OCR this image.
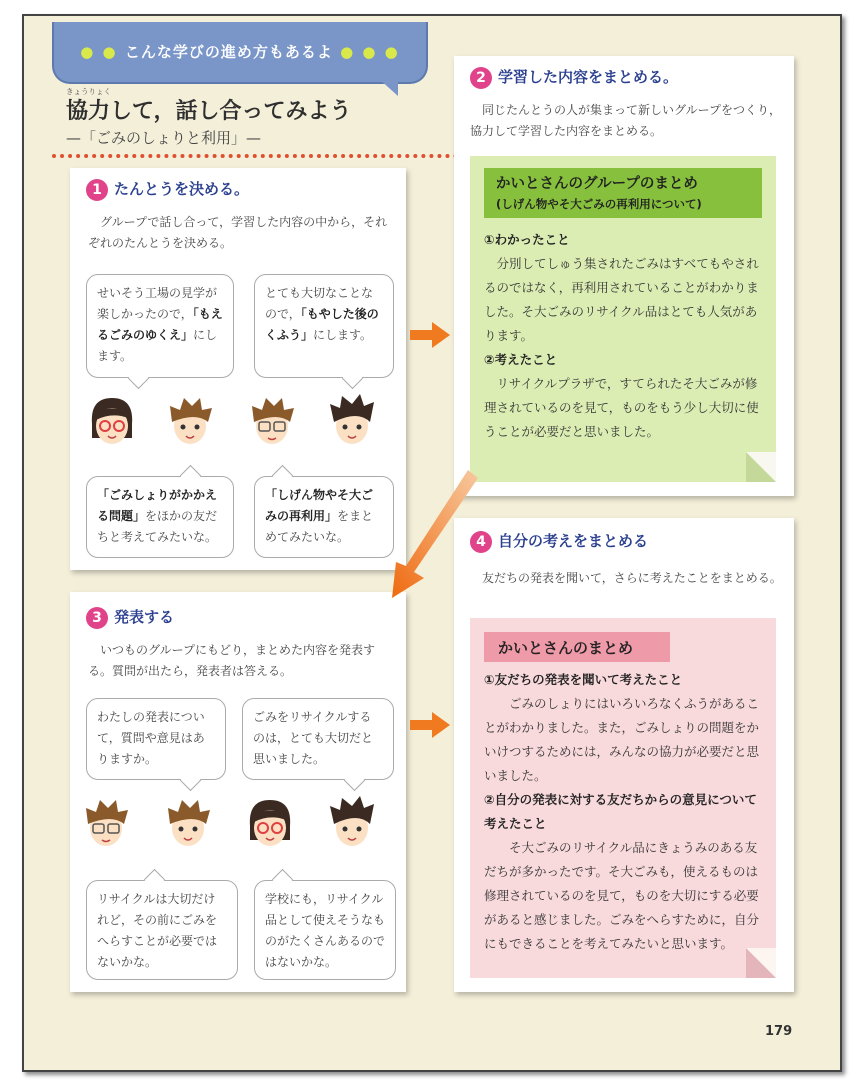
● ● こんな学びの進め方もあるよ ● ● ●
きょうりょく
協力して，話し合ってみよう
—「ごみのしょりと利用」—
1 たんとうを決める。
グループで話し合って，学習した内容の中から，それぞれのたんとうを決める。
せいそう工場の見学が楽しかったので，「もえるごみのゆくえ」にします。
とても大切なことなので，「もやした後のくふう」にします。
「ごみしょりがかかえる問題」をほかの友だちと考えてみたいな。
「しげん物やそ大ごみの再利用」をまとめてみたいな。
2 学習した内容をまとめる。
同じたんとうの人が集まって新しいグループをつくり，協力して学習した内容をまとめる。
かいとさんのグループのまとめ
(しげん物やそ大ごみの再利用について)
①わかったこと
分別してしゅう集されたごみはすべてもやされるのではなく，再利用されていることがわかりました。そ大ごみのリサイクル品はとても人気があります。
②考えたこと
リサイクルプラザで，すてられたそ大ごみが修理されているのを見て，ものをもう少し大切に使うことが必要だと思いました。
3 発表する
いつものグループにもどり，まとめた内容を発表する。質問が出たら，発表者は答える。
わたしの発表について，質問や意見はありますか。
ごみをリサイクルするのは，とても大切だと思いました。
リサイクルは大切だけれど，その前にごみをへらすことが必要ではないかな。
学校にも，リサイクル品として使えそうなものがたくさんあるのではないかな。
4 自分の考えをまとめる
友だちの発表を聞いて，さらに考えたことをまとめる。
かいとさんのまとめ
①友だちの発表を聞いて考えたこと
ごみのしょりにはいろいろなくふうがあることがわかりました。また，ごみしょりの問題をかいけつするためには，みんなの協力が必要だと思いました。
②自分の発表に対する友だちからの意見について考えたこと
そ大ごみのリサイクル品にきょうみのある友だちが多かったです。そ大ごみも，使えるものは修理されているのを見て，ものを大切にする必要があると感じました。ごみをへらすために，自分にもできることを考えてみたいと思います。
179
